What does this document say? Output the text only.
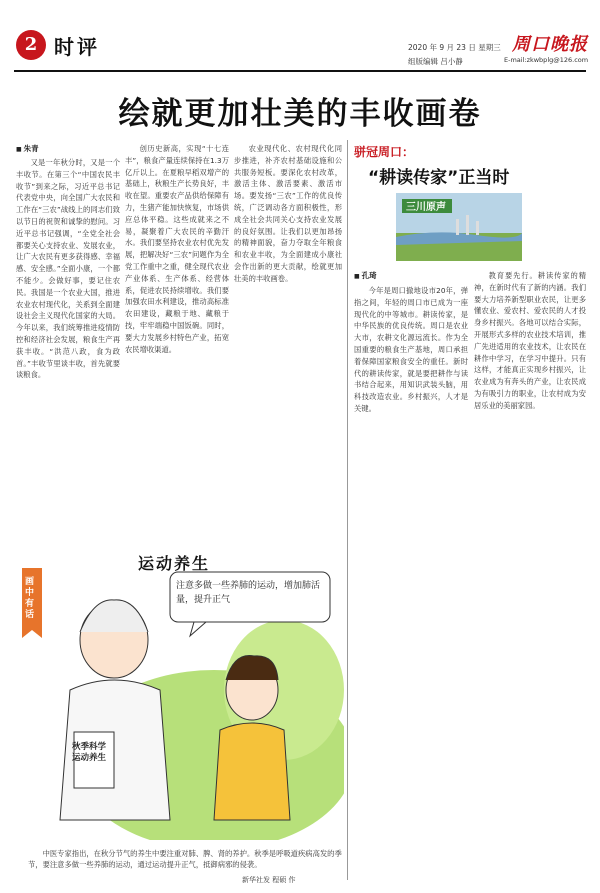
2 时评	2020 年 9 月 23 日 星期三
组版编辑 吕小静
周口晚报
E-mail:zkwbplg@126.com
绘就更加壮美的丰收画卷
■ 朱青

又是一年秋分时，又是一个丰收节。在第三个“中国农民丰收节”到来之际，习近平总书记代表党中央，向全国广大农民和工作在“三农”战线上的同志们致以节日的祝贺和诚挚的慰问。习近平总书记强调，“全党全社会都要关心支持农业、发展农业，让广大农民有更多获得感、幸福感、安全感。”全面小康，一个都不能少。会做好事，要记住农民。我国是一个农业大国，推进农业农村现代化，关系到全面建设社会主义现代化国家的大局。今年以来，我们统筹推进疫情防控和经济社会发展，粮食生产再获丰收。“洪范八政，食为政首。”丰收节里谈丰收，首先就要谈粮食。

创历史新高，实现“十七连丰”，粮食产量连续保持在1.3万亿斤以上。在夏粮早稻双增产的基础上，秋粮生产长势良好，丰收在望。重要农产品供给保障有力，生猪产能加快恢复，市场供应总体平稳。这些成就来之不易，凝聚着广大农民的辛勤汗水。我们要坚持农业农村优先发展，把解决好“三农”问题作为全党工作重中之重，健全现代农业产业体系、生产体系、经营体系，促进农民持续增收。我们要加强农田水利建设，推动高标准农田建设，藏粮于地、藏粮于技，牢牢端稳中国饭碗。同时，要大力发展乡村特色产业，拓宽农民增收渠道。

农业现代化、农村现代化同步推进，补齐农村基础设施和公共服务短板。要深化农村改革，激活主体、激活要素、激活市场。要发扬“三农”工作的优良传统，广泛调动各方面积极性，形成全社会共同关心支持农业发展的良好氛围。让我们以更加昂扬的精神面貌，奋力夺取全年粮食和农业丰收，为全面建成小康社会作出新的更大贡献，绘就更加壮美的丰收画卷。

骈冠周口：
“耕读传家”正当时
三川原声
■ 孔琦

今年是周口撤地设市20年，弹指之间，年轻的周口市已成为一座现代化的中等城市。耕读传家，是中华民族的优良传统。周口是农业大市，农耕文化源远流长。作为全国重要的粮食生产基地，周口承担着保障国家粮食安全的重任。新时代的耕读传家，就是要把耕作与读书结合起来，用知识武装头脑，用科技改造农业。乡村振兴，人才是关键。

教育要先行。耕读传家的精神，在新时代有了新的内涵。我们要大力培养新型职业农民，让更多懂农业、爱农村、爱农民的人才投身乡村振兴。各地可以结合实际，开展形式多样的农业技术培训，推广先进适用的农业技术，让农民在耕作中学习，在学习中提升。只有这样，才能真正实现乡村振兴，让农业成为有奔头的产业，让农民成为有吸引力的职业，让农村成为安居乐业的美丽家园。

运动养生
注意多做一些养肺的运动，增加肺活量，提升正气
画中有话
秋季科学运动养生
中医专家指出，在秋分节气的养生中要注重对肺、脾、肾的养护。秋季是呼吸道疾病高发的季节，要注意多做一些养肺的运动，通过运动提升正气，抵御病邪的侵袭。
新华社发 程硕 作
